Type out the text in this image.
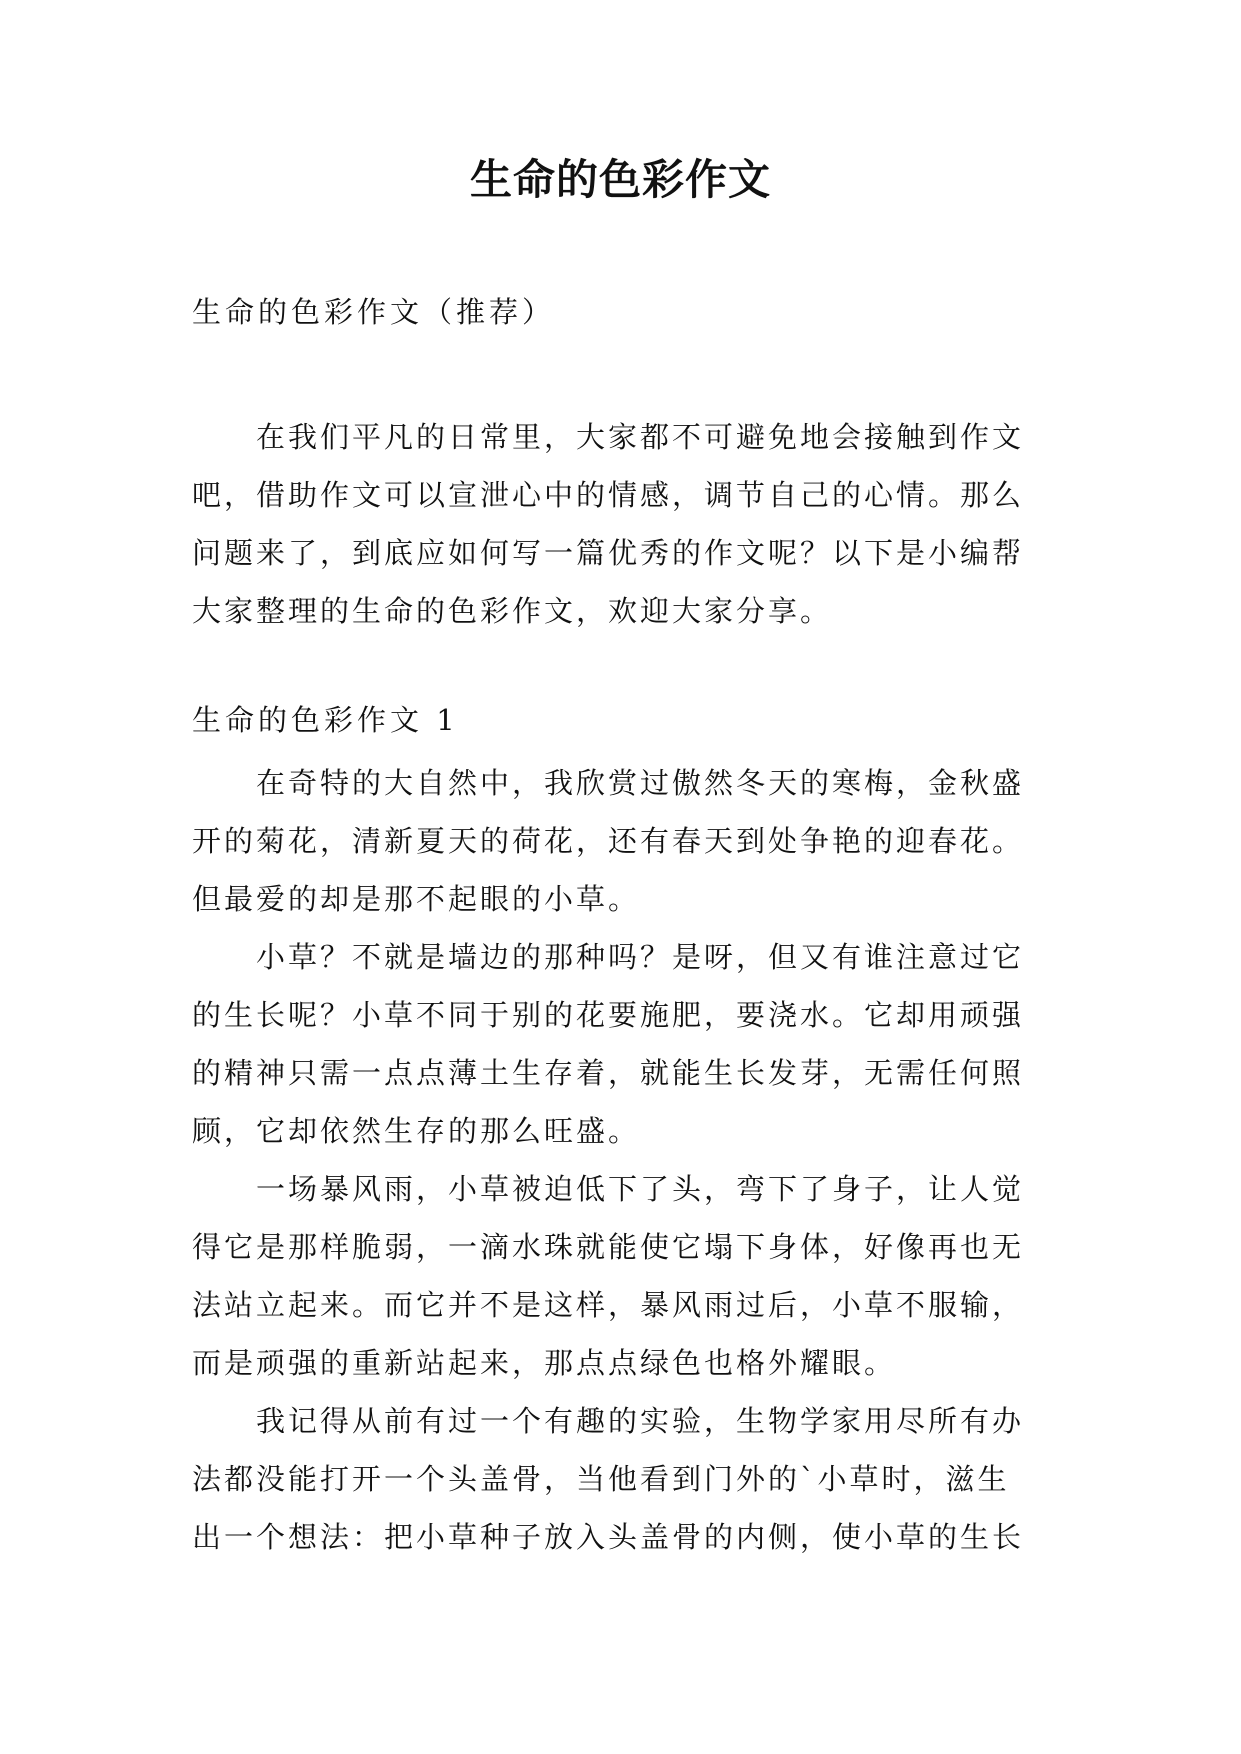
生命的色彩作文

生命的色彩作文（推荐）

在我们平凡的日常里，大家都不可避免地会接触到作文
吧，借助作文可以宣泄心中的情感，调节自己的心情。那么
问题来了，到底应如何写一篇优秀的作文呢？以下是小编帮
大家整理的生命的色彩作文，欢迎大家分享。

生命的色彩作文 1

在奇特的大自然中，我欣赏过傲然冬天的寒梅，金秋盛
开的菊花，清新夏天的荷花，还有春天到处争艳的迎春花。
但最爱的却是那不起眼的小草。
小草？不就是墙边的那种吗？是呀，但又有谁注意过它
的生长呢？小草不同于别的花要施肥，要浇水。它却用顽强
的精神只需一点点薄土生存着，就能生长发芽，无需任何照
顾，它却依然生存的那么旺盛。
一场暴风雨，小草被迫低下了头，弯下了身子，让人觉
得它是那样脆弱，一滴水珠就能使它塌下身体，好像再也无
法站立起来。而它并不是这样，暴风雨过后，小草不服输，
而是顽强的重新站起来，那点点绿色也格外耀眼。
我记得从前有过一个有趣的实验，生物学家用尽所有办
法都没能打开一个头盖骨，当他看到门外的`小草时，滋生
出一个想法：把小草种子放入头盖骨的内侧，使小草的生长
